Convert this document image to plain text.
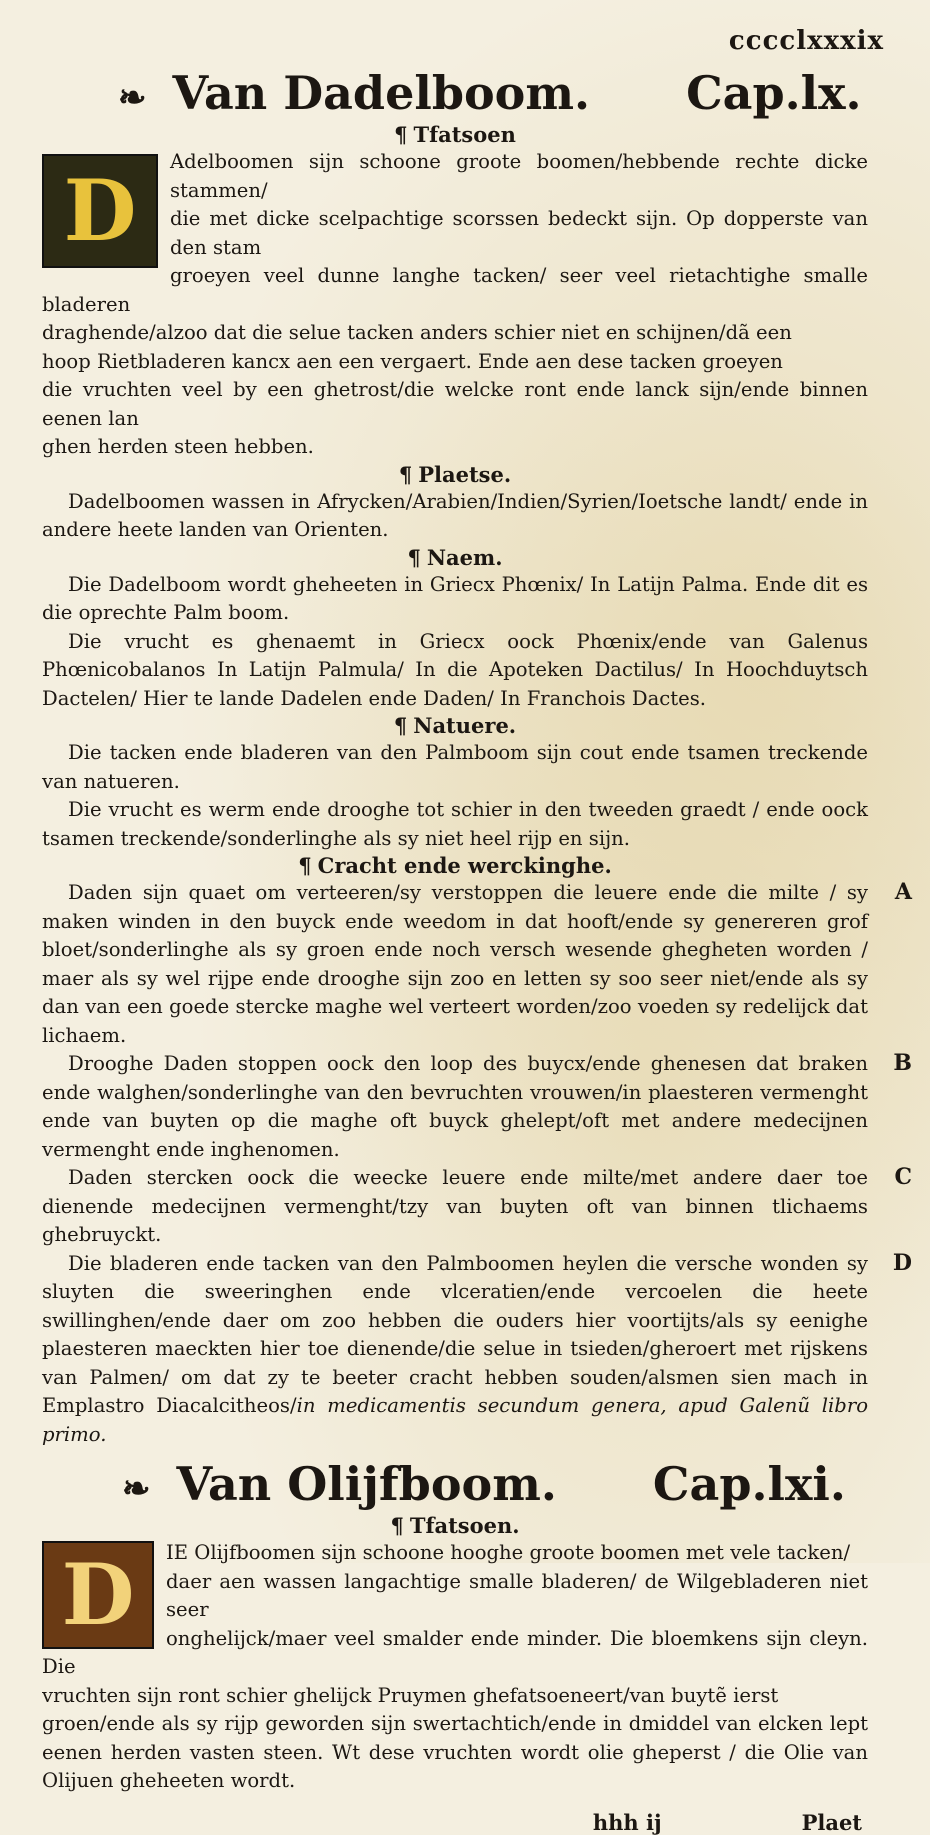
cccclxxxix
❧ Van Dadelboom. Cap.lx.
¶ Tfatsoen
D	Adelboomen sijn schoone groote boomen/hebbende rechte dicke stammen/

die met dicke scelpachtige scorssen bedeckt sijn. Op dopperste van den stam

groeyen veel dunne langhe tacken/ seer veel rietachtighe smalle bladeren

draghende/alzoo dat die selue tacken anders schier niet en schijnen/dã een

hoop Rietbladeren kancx aen een vergaert. Ende aen dese tacken groeyen

die vruchten veel by een ghetrost/die welcke ront ende lanck sijn/ende binnen eenen lan

ghen herden steen hebben.

¶ Plaetse.

Dadelboomen wassen in Afrycken/Arabien/Indien/Syrien/Ioetsche landt/ ende in andere heete landen van Orienten.

¶ Naem.

Die Dadelboom wordt gheheeten in Griecx Phœnix/ In Latijn Palma. Ende dit es die oprechte Palm boom.

Die vrucht es ghenaemt in Griecx oock Phœnix/ende van Galenus Phœnicobalanos In Latijn Palmula/ In die Apoteken Dactilus/ In Hoochduytsch Dactelen/ Hier te lande Dadelen ende Daden/ In Franchois Dactes.

¶ Natuere.

Die tacken ende bladeren van den Palmboom sijn cout ende tsamen treckende van natueren.

Die vrucht es werm ende drooghe tot schier in den tweeden graedt / ende oock tsamen treckende/sonderlinghe als sy niet heel rijp en sijn.

¶ Cracht ende werckinghe.
A

Daden sijn quaet om verteeren/sy verstoppen die leuere ende die milte / sy maken winden in den buyck ende weedom in dat hooft/ende sy genereren grof bloet/sonderlinghe als sy groen ende noch versch wesende ghegheten worden / maer als sy wel rijpe ende drooghe sijn zoo en letten sy soo seer niet/ende als sy dan van een goede stercke maghe wel verteert worden/zoo voeden sy redelijck dat lichaem.

B

Drooghe Daden stoppen oock den loop des buycx/ende ghenesen dat braken ende walghen/sonderlinghe van den bevruchten vrouwen/in plaesteren vermenght ende van buyten op die maghe oft buyck ghelept/oft met andere medecijnen vermenght ende inghenomen.

C

Daden stercken oock die weecke leuere ende milte/met andere daer toe dienende medecijnen vermenght/tzy van buyten oft van binnen tlichaems ghebruyckt.

D

Die bladeren ende tacken van den Palmboomen heylen die versche wonden sy sluyten die sweeringhen ende vlceratien/ende vercoelen die heete swillinghen/ende daer om zoo hebben die ouders hier voortijts/als sy eenighe plaesteren maeckten hier toe dienende/die selue in tsieden/gheroert met rijskens van Palmen/ om dat zy te beeter cracht hebben souden/alsmen sien mach in Emplastro Diacalcitheos/in medicamentis secundum genera, apud Galenũ libro primo.

❧ Van Olijfboom. Cap.lxi.
¶ Tfatsoen.
D	IE Olijfboomen sijn schoone hooghe groote boomen met vele tacken/

daer aen wassen langachtige smalle bladeren/ de Wilgebladeren niet seer

onghelijck/maer veel smalder ende minder. Die bloemkens sijn cleyn. Die

vruchten sijn ront schier ghelijck Pruymen ghefatsoeneert/van buytẽ ierst

groen/ende als sy rijp geworden sijn swertachtich/ende in dmiddel van elcken lept eenen herden vasten steen. Wt dese vruchten wordt olie gheperst / die Olie van Olijuen gheheeten wordt.

hhh ij	Plaet
